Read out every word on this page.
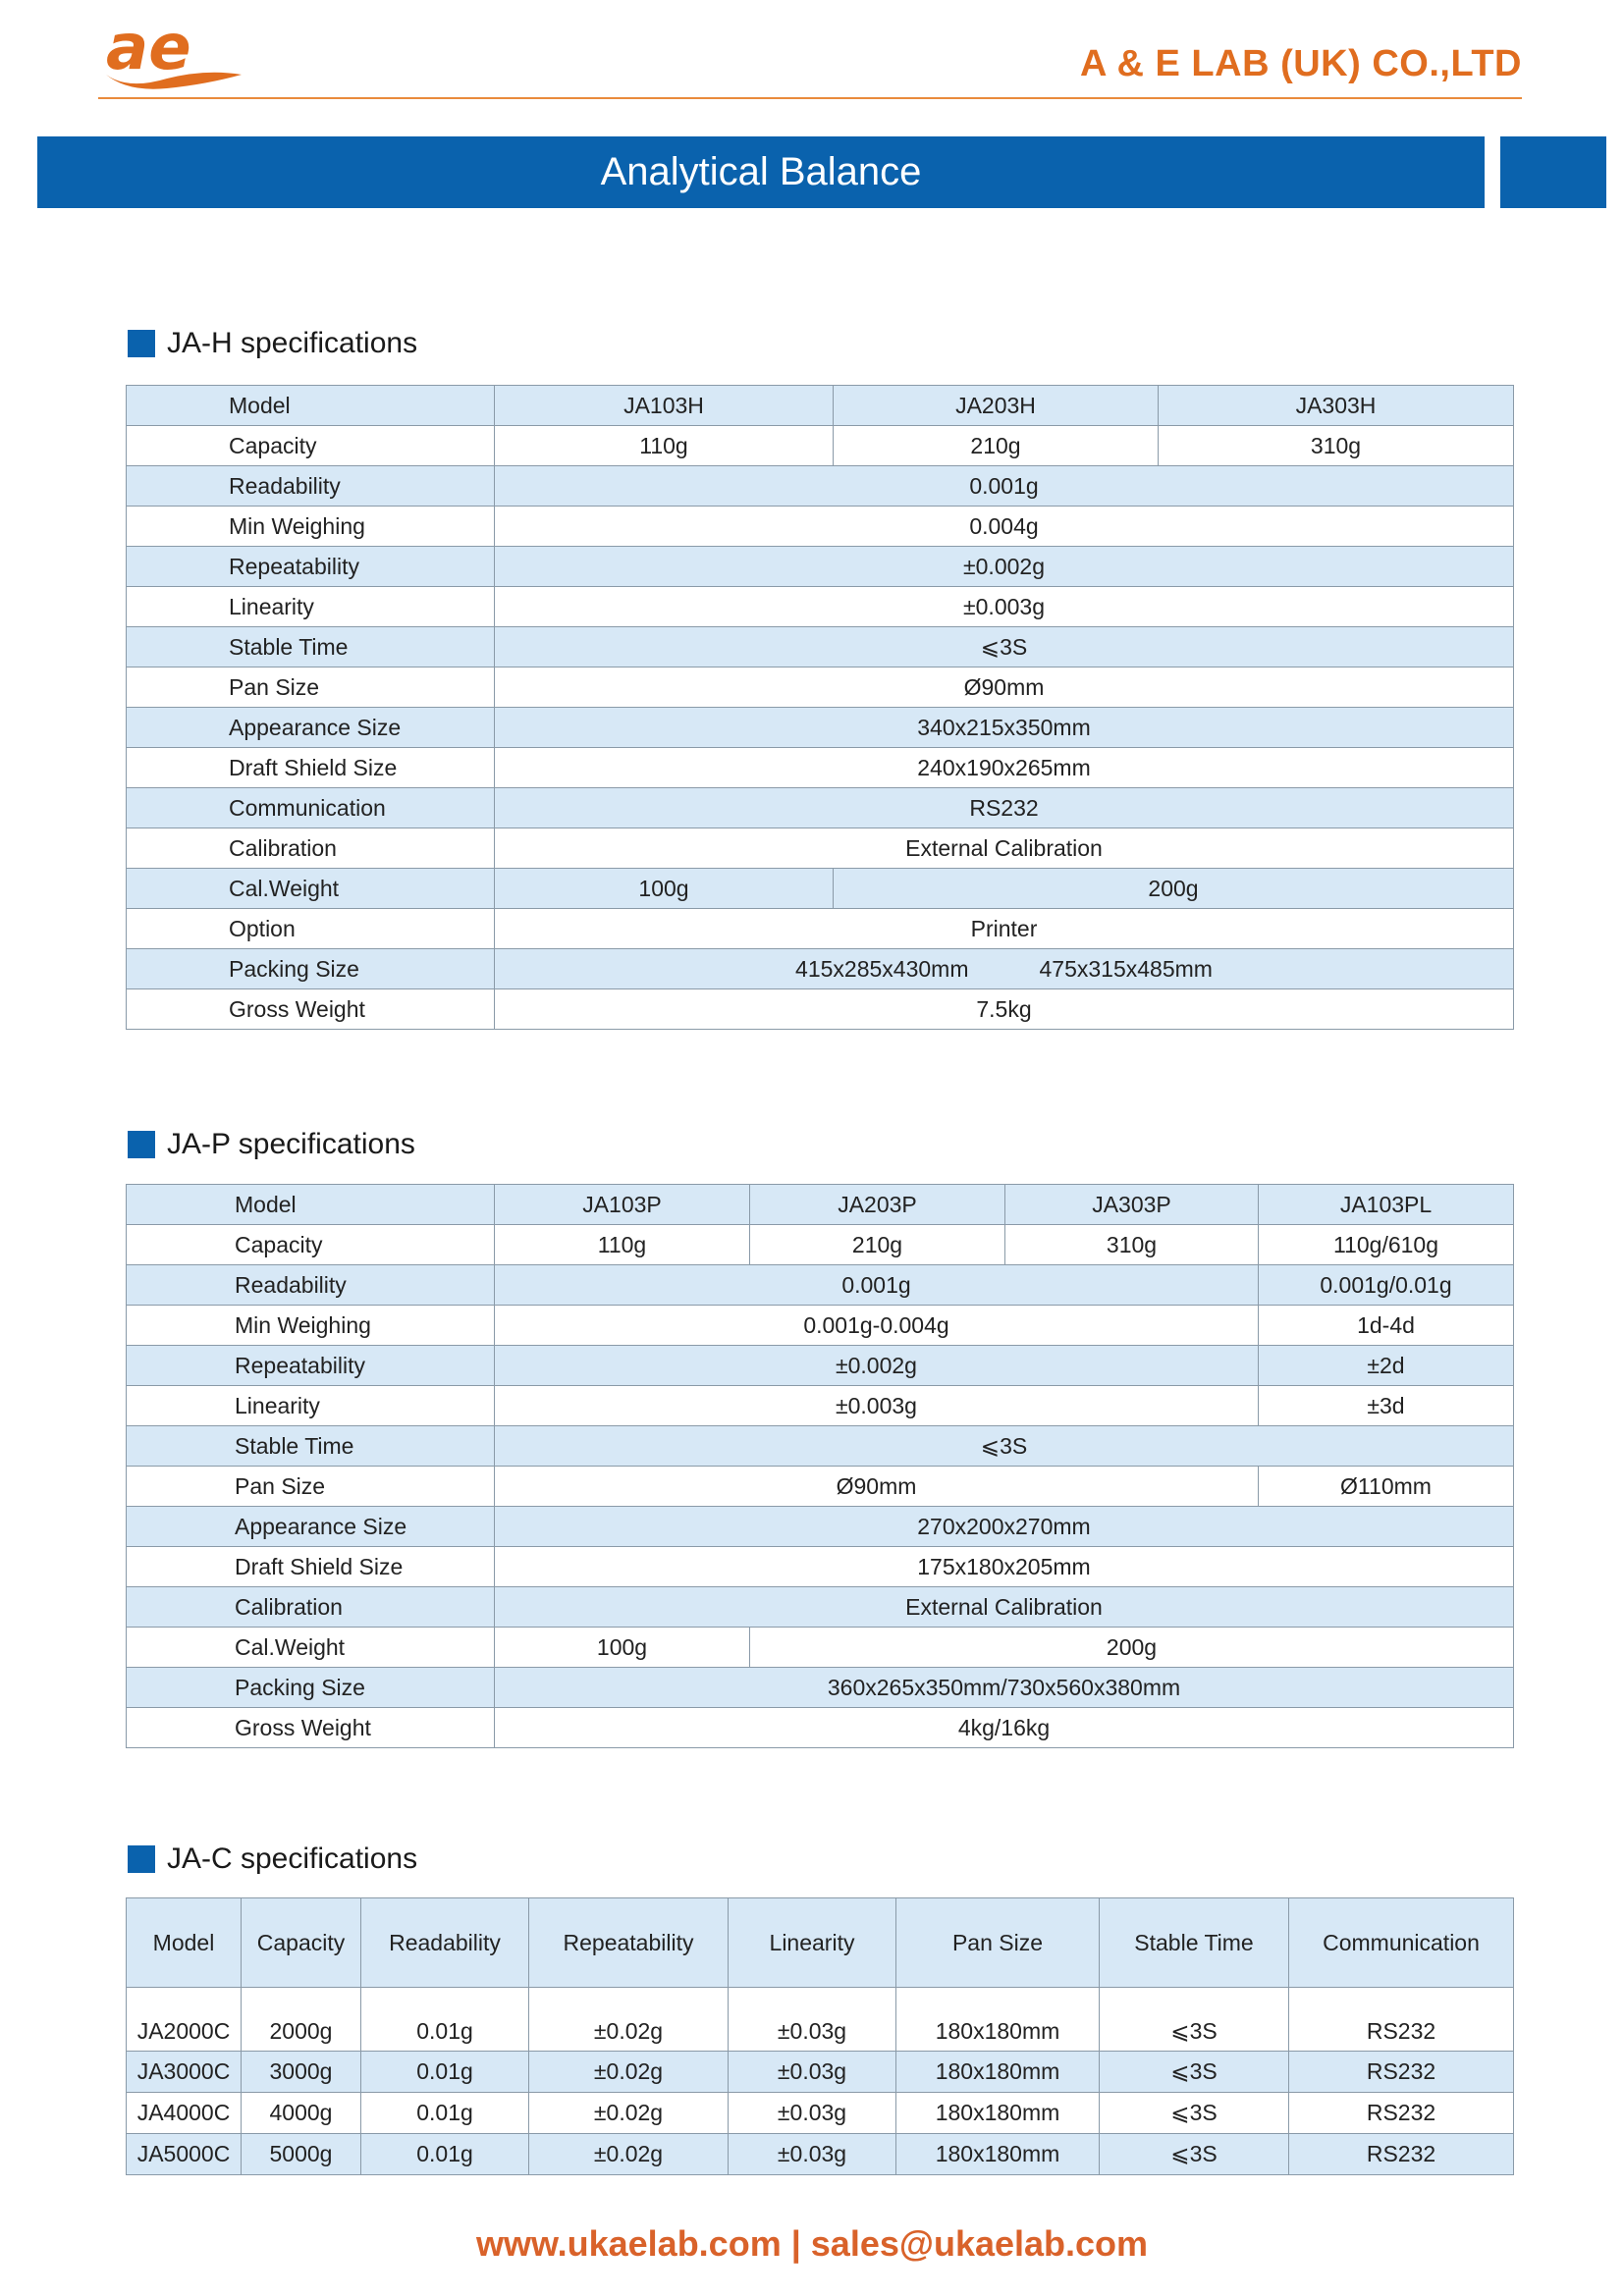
ae	A & E LAB (UK) CO.,LTD
Analytical Balance
JA-H specifications
Model	JA103H	JA203H	JA303H
Capacity	110g	210g	310g
Readability	0.001g		
Min Weighing	0.004g		
Repeatability	±0.002g		
Linearity	±0.003g		
Stable Time	⩽3S		
Pan Size	Ø90mm		
Appearance Size	340x215x350mm		
Draft Shield Size	240x190x265mm		
Communication	RS232		
Calibration	External Calibration		
Cal.Weight	100g	200g	
Option	Printer		
Packing Size	415x285x430mm 475x315x485mm		
Gross Weight	7.5kg		
JA-P specifications
Model	JA103P	JA203P	JA303P	JA103PL
Capacity	110g	210g	310g	110g/610g
Readability	0.001g			0.001g/0.01g
Min Weighing	0.001g-0.004g			1d-4d
Repeatability	±0.002g			±2d
Linearity	±0.003g			±3d
Stable Time	⩽3S			
Pan Size	Ø90mm			Ø110mm
Appearance Size	270x200x270mm			
Draft Shield Size	175x180x205mm			
Calibration	External Calibration			
Cal.Weight	100g	200g		
Packing Size	360x265x350mm/730x560x380mm			
Gross Weight	4kg/16kg			
JA-C specifications
Model	Capacity	Readability	Repeatability	Linearity	Pan Size	Stable Time	Communication
JA2000C	2000g	0.01g	±0.02g	±0.03g	180x180mm	⩽3S	RS232
JA3000C	3000g	0.01g	±0.02g	±0.03g	180x180mm	⩽3S	RS232
JA4000C	4000g	0.01g	±0.02g	±0.03g	180x180mm	⩽3S	RS232
JA5000C	5000g	0.01g	±0.02g	±0.03g	180x180mm	⩽3S	RS232
www.ukaelab.com | sales@ukaelab.com
